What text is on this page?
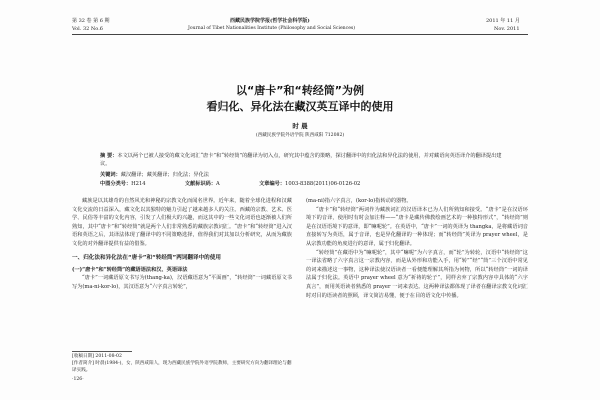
第 32 卷 第 6 期	西藏民族学院学报(哲学社会科学版)	2011 年 11 月
Vol. 32 No.6	Journal of Tibet Nationalities Institute (Philosophy and Social Sciences)	Nov. 2011
以“唐卡”和“转经筒”为例
看归化、异化法在藏汉英互译中的使用
时 晨
(西藏民族学院外语学院 陕西咸阳 712082)
摘 要：本文以两个已被人接受的藏文化词汇“唐卡”和“转经筒”的翻译为切入点，研究其中蕴含的策略，探讨翻译中的归化法和异化法的使用，并对藏语向英语译介的翻译提出建议。
关键词：藏汉翻译；藏英翻译；归化法；异化法
中图分类号：H214	文献标识码：A	文章编号：1003-8388(2011)06-0126-02

藏族是以其雄奇的自然风光和神秘的宗教文化而闻名世界。近年来，随着全球化进程和汉藏文化交流的日益深入，藏文化以其独特的魅力引起了越来越多人的关注。西藏的宗教、艺术、医学、民俗等丰富的文化内容，引发了人们极大的兴趣，而这其中的一些文化词语也逐渐被人们所熟知，其中“唐卡”和“转经筒”就是两个人们非常熟悉的藏族宗教词汇。“唐卡”和“转经筒”进入汉语和英语之后，其译法体现了翻译中的不同策略选择，值得我们对其加以分析研究，从而为藏族文化的对外翻译提供有益的借鉴。

一、归化法和异化法在“唐卡”和“转经筒”两词翻译中的使用

(一)“唐卡”和“转经筒”的藏语语法和汉、英语译法

“唐卡”一词藏语原文书写为(thang-ka)，汉语藏语意为“平面画”，“转经筒”一词藏语原文书写为(ma-ni-kor-lo)，其汉语意为“六字真言转轮”，

[收稿日期] 2011-08-02
[作者简介] 时晨(1984-)，女，陕西咸阳人，现为西藏民族学院外语学院教师，主要研究方向为翻译理论与翻译实践。
·126·

(ma-ni)指六字真言，(kor-lo)指转动的器物。

“唐卡”和“转经筒”两词作为藏族词汇的汉语译本已为人们所熟知和接受。“唐卡”是在汉语环境下的音译，使用时有时会加注释——“唐卡是藏传佛教绘画艺术的一种独特形式”，“转经筒”则是在汉语语境下的意译，即“嘛呢轮”。在英语中，“唐卡”一词的英译为 thangka，是将藏语词音直接转写为英语，属于音译，也是异化翻译的一种体现；而“转经筒”英译为 prayer wheel，是从宗教功能的角度进行的意译，属于归化翻译。

“转经筒”在藏语中为“嘛呢轮”，其中“嘛呢”为六字真言，而“轮”为转轮，汉语中“转经筒”这一译法省略了六字真言这一宗教内容，而是从外形和功能入手，用“转”“经”“筒”三个汉语中常见的词来描述这一事物，这种译法使汉语读者一看便能理解其所指为何物，所以“转经筒”一词的译法属于归化法。英语中 prayer wheel 意为“祈祷的轮子”，同样舍弃了宗教内容中具体的“六字真言”，而用英语读者熟悉的 prayer 一词来表达。这两种译法都体现了译者在翻译宗教文化词汇时对目的语读者的照顾，译文简洁易懂，便于在目的语文化中传播。
